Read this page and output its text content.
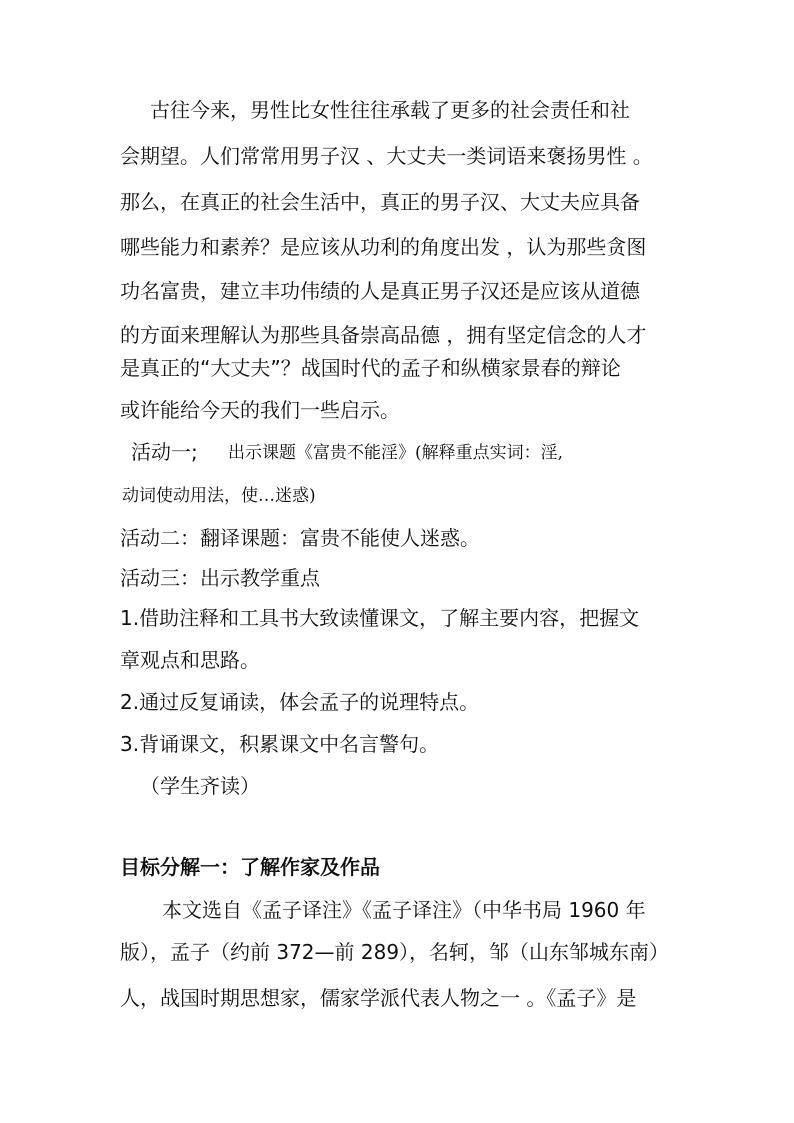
古往今来，男性比女性往往承载了更多的社会责任和社
会期望。人们常常用男子汉 、大丈夫一类词语来褒扬男性 。
那么，在真正的社会生活中，真正的男子汉、大丈夫应具备
哪些能力和素养？是应该从功利的角度出发 ，认为那些贪图
功名富贵，建立丰功伟绩的人是真正男子汉还是应该从道德
的方面来理解认为那些具备崇高品德 ，拥有坚定信念的人才
是真正的“大丈夫”？战国时代的孟子和纵横家景春的辩论
或许能给今天的我们一些启示。
活动一;	出示课题《富贵不能淫》(解释重点实词：淫,
动词使动用法，使…迷惑)
活动二：翻译课题：富贵不能使人迷惑。
活动三：出示教学重点
1.借助注释和工具书大致读懂课文，了解主要内容，把握文
章观点和思路。
2.通过反复诵读，体会孟子的说理特点。
3.背诵课文，积累课文中名言警句。
（学生齐读）
目标分解一：了解作家及作品
本文选自《孟子译注》《孟子译注》（中华书局 1960 年
版），孟子（约前 372—前 289），名轲，邹（山东邹城东南）
人，战国时期思想家，儒家学派代表人物之一 。《孟子》是
